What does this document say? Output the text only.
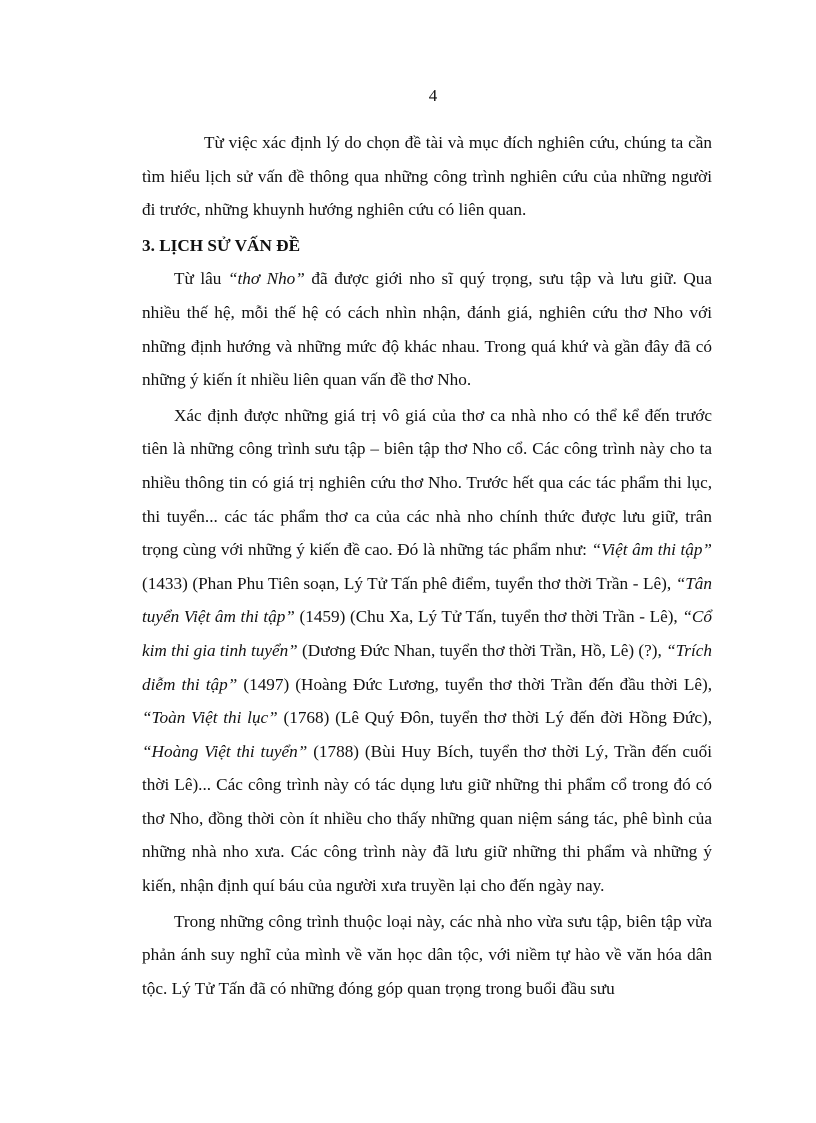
4

Từ việc xác định lý do chọn đề tài và mục đích nghiên cứu, chúng ta cần tìm hiểu lịch sử vấn đề thông qua những công trình nghiên cứu của những người đi trước, những khuynh hướng nghiên cứu có liên quan.

3. LỊCH SỬ VẤN ĐỀ

Từ lâu “thơ Nho” đã được giới nho sĩ quý trọng, sưu tập và lưu giữ. Qua nhiều thế hệ, mỗi thế hệ có cách nhìn nhận, đánh giá, nghiên cứu thơ Nho với những định hướng và những mức độ khác nhau. Trong quá khứ và gần đây đã có những ý kiến ít nhiều liên quan vấn đề thơ Nho.

Xác định được những giá trị vô giá của thơ ca nhà nho có thể kể đến trước tiên là những công trình sưu tập – biên tập thơ Nho cổ. Các công trình này cho ta nhiều thông tin có giá trị nghiên cứu thơ Nho. Trước hết qua các tác phẩm thi lục, thi tuyển... các tác phẩm thơ ca của các nhà nho chính thức được lưu giữ, trân trọng cùng với những ý kiến đề cao. Đó là những tác phẩm như: “Việt âm thi tập” (1433) (Phan Phu Tiên soạn, Lý Tử Tấn phê điểm, tuyển thơ thời Trần - Lê), “Tân tuyển Việt âm thi tập” (1459) (Chu Xa, Lý Tử Tấn, tuyển thơ thời Trần - Lê), “Cổ kim thi gia tinh tuyển” (Dương Đức Nhan, tuyển thơ thời Trần, Hồ, Lê) (?), “Trích diễm thi tập” (1497) (Hoàng Đức Lương, tuyển thơ thời Trần đến đầu thời Lê), “Toàn Việt thi lục” (1768) (Lê Quý Đôn, tuyển thơ thời Lý đến đời Hồng Đức), “Hoàng Việt thi tuyển” (1788) (Bùi Huy Bích, tuyển thơ thời Lý, Trần đến cuối thời Lê)... Các công trình này có tác dụng lưu giữ những thi phẩm cổ trong đó có thơ Nho, đồng thời còn ít nhiều cho thấy những quan niệm sáng tác, phê bình của những nhà nho xưa. Các công trình này đã lưu giữ những thi phẩm và những ý kiến, nhận định quí báu của người xưa truyền lại cho đến ngày nay.

Trong những công trình thuộc loại này, các nhà nho vừa sưu tập, biên tập vừa phản ánh suy nghĩ của mình về văn học dân tộc, với niềm tự hào về văn hóa dân tộc. Lý Tử Tấn đã có những đóng góp quan trọng trong buổi đầu sưu
